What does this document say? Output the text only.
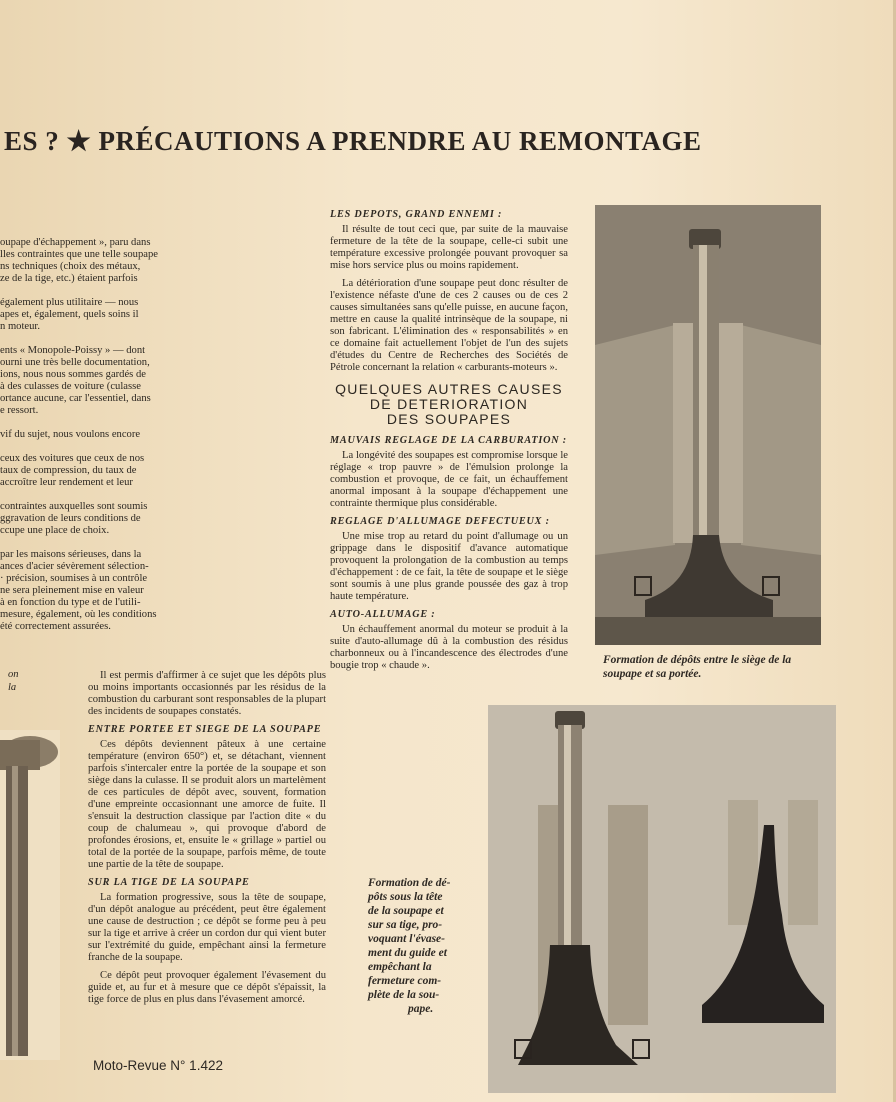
ES ? ★ PRÉCAUTIONS A PRENDRE AU REMONTAGE

oupape d'échappement », paru dans
lles contraintes que une telle soupape
ns techniques (choix des métaux,
ze de la tige, etc.) étaient parfois

également plus utilitaire — nous
apes et, également, quels soins il
n moteur.

ents « Monopole-Poissy » — dont
ourni une très belle documentation,
ions, nous nous sommes gardés de
à des culasses de voiture (culasse
ortance aucune, car l'essentiel, dans
e ressort.

vif du sujet, nous voulons encore

ceux des voitures que ceux de nos
taux de compression, du taux de
accroître leur rendement et leur

contraintes auxquelles sont soumis
ggravation de leurs conditions de
ccupe une place de choix.

par les maisons sérieuses, dans la
ances d'acier sévèrement sélection-
· précision, soumises à un contrôle
ne sera pleinement mise en valeur
à en fonction du type et de l'utili-
mesure, également, où les conditions
été correctement assurées.

on
la
LES DEPOTS, GRAND ENNEMI :

Il résulte de tout ceci que, par suite de la mauvaise fermeture de la tête de la soupape, celle-ci subit une température excessive prolongée pouvant provoquer sa mise hors service plus ou moins rapidement.

La détérioration d'une soupape peut donc résulter de l'existence néfaste d'une de ces 2 causes ou de ces 2 causes simultanées sans qu'elle puisse, en aucune façon, mettre en cause la qualité intrinsèque de la soupape, ni son fabricant. L'élimination des « responsabilités » en ce domaine fait actuellement l'objet de l'un des sujets d'études du Centre de Recherches des Sociétés de Pétrole concernant la relation « carburants-moteurs ».

QUELQUES AUTRES CAUSES
DE DETERIORATION
DES SOUPAPES
MAUVAIS REGLAGE DE LA CARBURATION :

La longévité des soupapes est compromise lorsque le réglage « trop pauvre » de l'émulsion prolonge la combustion et provoque, de ce fait, un échauffement anormal imposant à la soupape d'échappement une contrainte thermique plus considérable.

REGLAGE D'ALLUMAGE DEFECTUEUX :

Une mise trop au retard du point d'allumage ou un grippage dans le dispositif d'avance automatique provoquent la prolongation de la combustion au temps d'échappement : de ce fait, la tête de soupape et le siège sont soumis à une plus grande poussée des gaz à trop haute température.

AUTO-ALLUMAGE :

Un échauffement anormal du moteur se produit à la suite d'auto-allumage dû à la combustion des résidus charbonneux ou à l'incandescence des électrodes d'une bougie trop « chaude ».

Il est permis d'affirmer à ce sujet que les dépôts plus ou moins importants occasionnés par les résidus de la combustion du carburant sont responsables de la plupart des incidents de soupapes constatés.

ENTRE PORTEE ET SIEGE DE LA SOUPAPE

Ces dépôts deviennent pâteux à une certaine température (environ 650°) et, se détachant, viennent parfois s'intercaler entre la portée de la soupape et son siège dans la culasse. Il se produit alors un martelèment de ces particules de dépôt avec, souvent, formation d'une empreinte occasionnant une amorce de fuite. Il s'ensuit la destruction classique par l'action dite « du coup de chalumeau », qui provoque d'abord de profondes érosions, et, ensuite le « grillage » partiel ou total de la portée de la soupape, parfois même, de toute une partie de la tête de soupape.

SUR LA TIGE DE LA SOUPAPE

La formation progressive, sous la tête de soupape, d'un dépôt analogue au précédent, peut être également une cause de destruction ; ce dépôt se forme peu à peu sur la tige et arrive à créer un cordon dur qui vient buter sur l'extrémité du guide, empêchant ainsi la fermeture franche de la soupape.

Ce dépôt peut provoquer également l'évasement du guide et, au fur et à mesure que ce dépôt s'épaissit, la tige force de plus en plus dans l'évasement amorcé.

Formation de dépôts entre le siège de la soupape et sa portée.
Formation de dé-
pôts sous la tête
de la soupape et
sur sa tige, pro-
voquant l'évase-
ment du guide et
empêchant la
fermeture com-
plète de la sou-
pape.
Moto-Revue N° 1.422
